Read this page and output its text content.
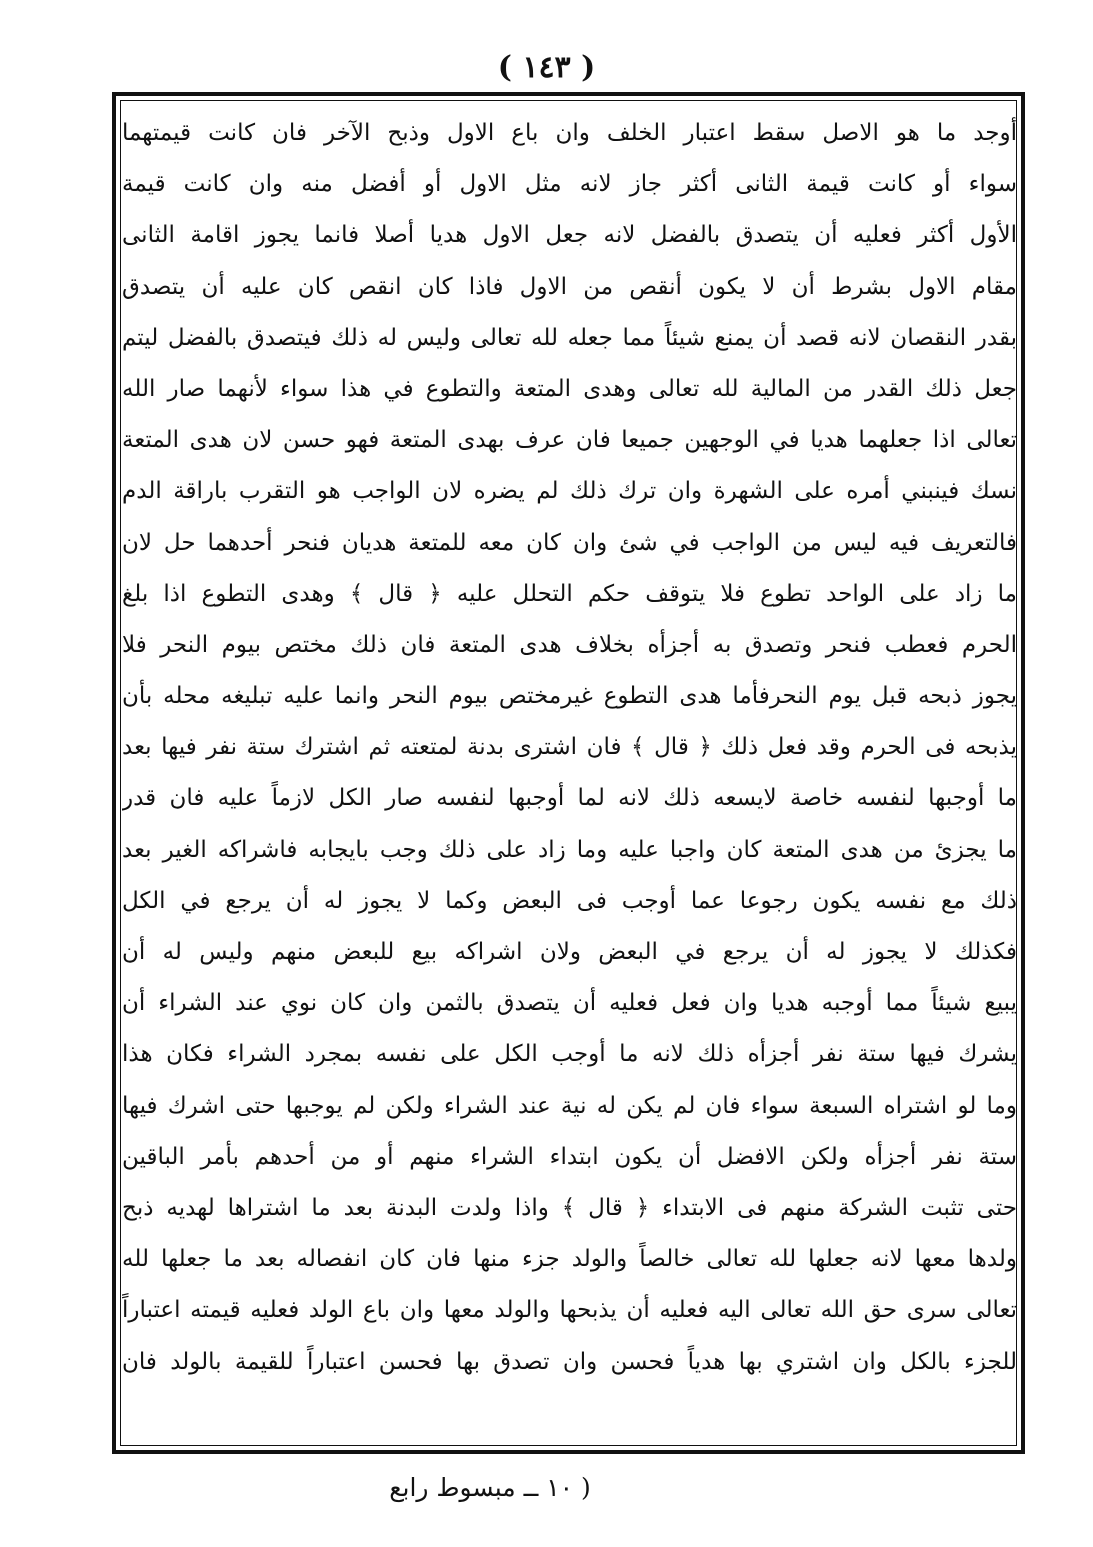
( ١٤٣ )
أوجد ما هو الاصل سقط اعتبار الخلف وان باع الاول وذبح الآخر فان كانت قيمتهما
سواء أو كانت قيمة الثانى أكثر جاز لانه مثل الاول أو أفضل منه وان كانت قيمة
الأول أكثر فعليه أن يتصدق بالفضل لانه جعل الاول هديا أصلا فانما يجوز اقامة الثانى
مقام الاول بشرط أن لا يكون أنقص من الاول فاذا كان انقص كان عليه أن يتصدق
بقدر النقصان لانه قصد أن يمنع شيئاً مما جعله لله تعالى وليس له ذلك فيتصدق بالفضل ليتم
جعل ذلك القدر من المالية لله تعالى وهدى المتعة والتطوع في هذا سواء لأنهما صار الله
تعالى اذا جعلهما هديا في الوجهين جميعا فان عرف بهدى المتعة فهو حسن لان هدى المتعة
نسك فينبني أمره على الشهرة وان ترك ذلك لم يضره لان الواجب هو التقرب باراقة الدم
فالتعريف فيه ليس من الواجب في شئ وان كان معه للمتعة هديان فنحر أحدهما حل لان
ما زاد على الواحد تطوع فلا يتوقف حكم التحلل عليه ﴿ قال ﴾ وهدى التطوع اذا بلغ
الحرم فعطب فنحر وتصدق به أجزأه بخلاف هدى المتعة فان ذلك مختص بيوم النحر فلا
يجوز ذبحه قبل يوم النحرفأما هدى التطوع غيرمختص بيوم النحر وانما عليه تبليغه محله بأن
يذبحه فى الحرم وقد فعل ذلك ﴿ قال ﴾ فان اشترى بدنة لمتعته ثم اشترك ستة نفر فيها بعد
ما أوجبها لنفسه خاصة لايسعه ذلك لانه لما أوجبها لنفسه صار الكل لازماً عليه فان قدر
ما يجزئ من هدى المتعة كان واجبا عليه وما زاد على ذلك وجب بايجابه فاشراكه الغير بعد
ذلك مع نفسه يكون رجوعا عما أوجب فى البعض وكما لا يجوز له أن يرجع في الكل
فكذلك لا يجوز له أن يرجع في البعض ولان اشراكه بيع للبعض منهم وليس له أن
يبيع شيئاً مما أوجبه هديا وان فعل فعليه أن يتصدق بالثمن وان كان نوي عند الشراء أن
يشرك فيها ستة نفر أجزأه ذلك لانه ما أوجب الكل على نفسه بمجرد الشراء فكان هذا
وما لو اشتراه السبعة سواء فان لم يكن له نية عند الشراء ولكن لم يوجبها حتى اشرك فيها
ستة نفر أجزأه ولكن الافضل أن يكون ابتداء الشراء منهم أو من أحدهم بأمر الباقين
حتى تثبت الشركة منهم فى الابتداء ﴿ قال ﴾ واذا ولدت البدنة بعد ما اشتراها لهديه ذبح
ولدها معها لانه جعلها لله تعالى خالصاً والولد جزء منها فان كان انفصاله بعد ما جعلها لله
تعالى سرى حق الله تعالى اليه فعليه أن يذبحها والولد معها وان باع الولد فعليه قيمته اعتباراً
للجزء بالكل وان اشتري بها هدياً فحسن وان تصدق بها فحسن اعتباراً للقيمة بالولد فان
( ١٠ ــ مبسوط رابع
